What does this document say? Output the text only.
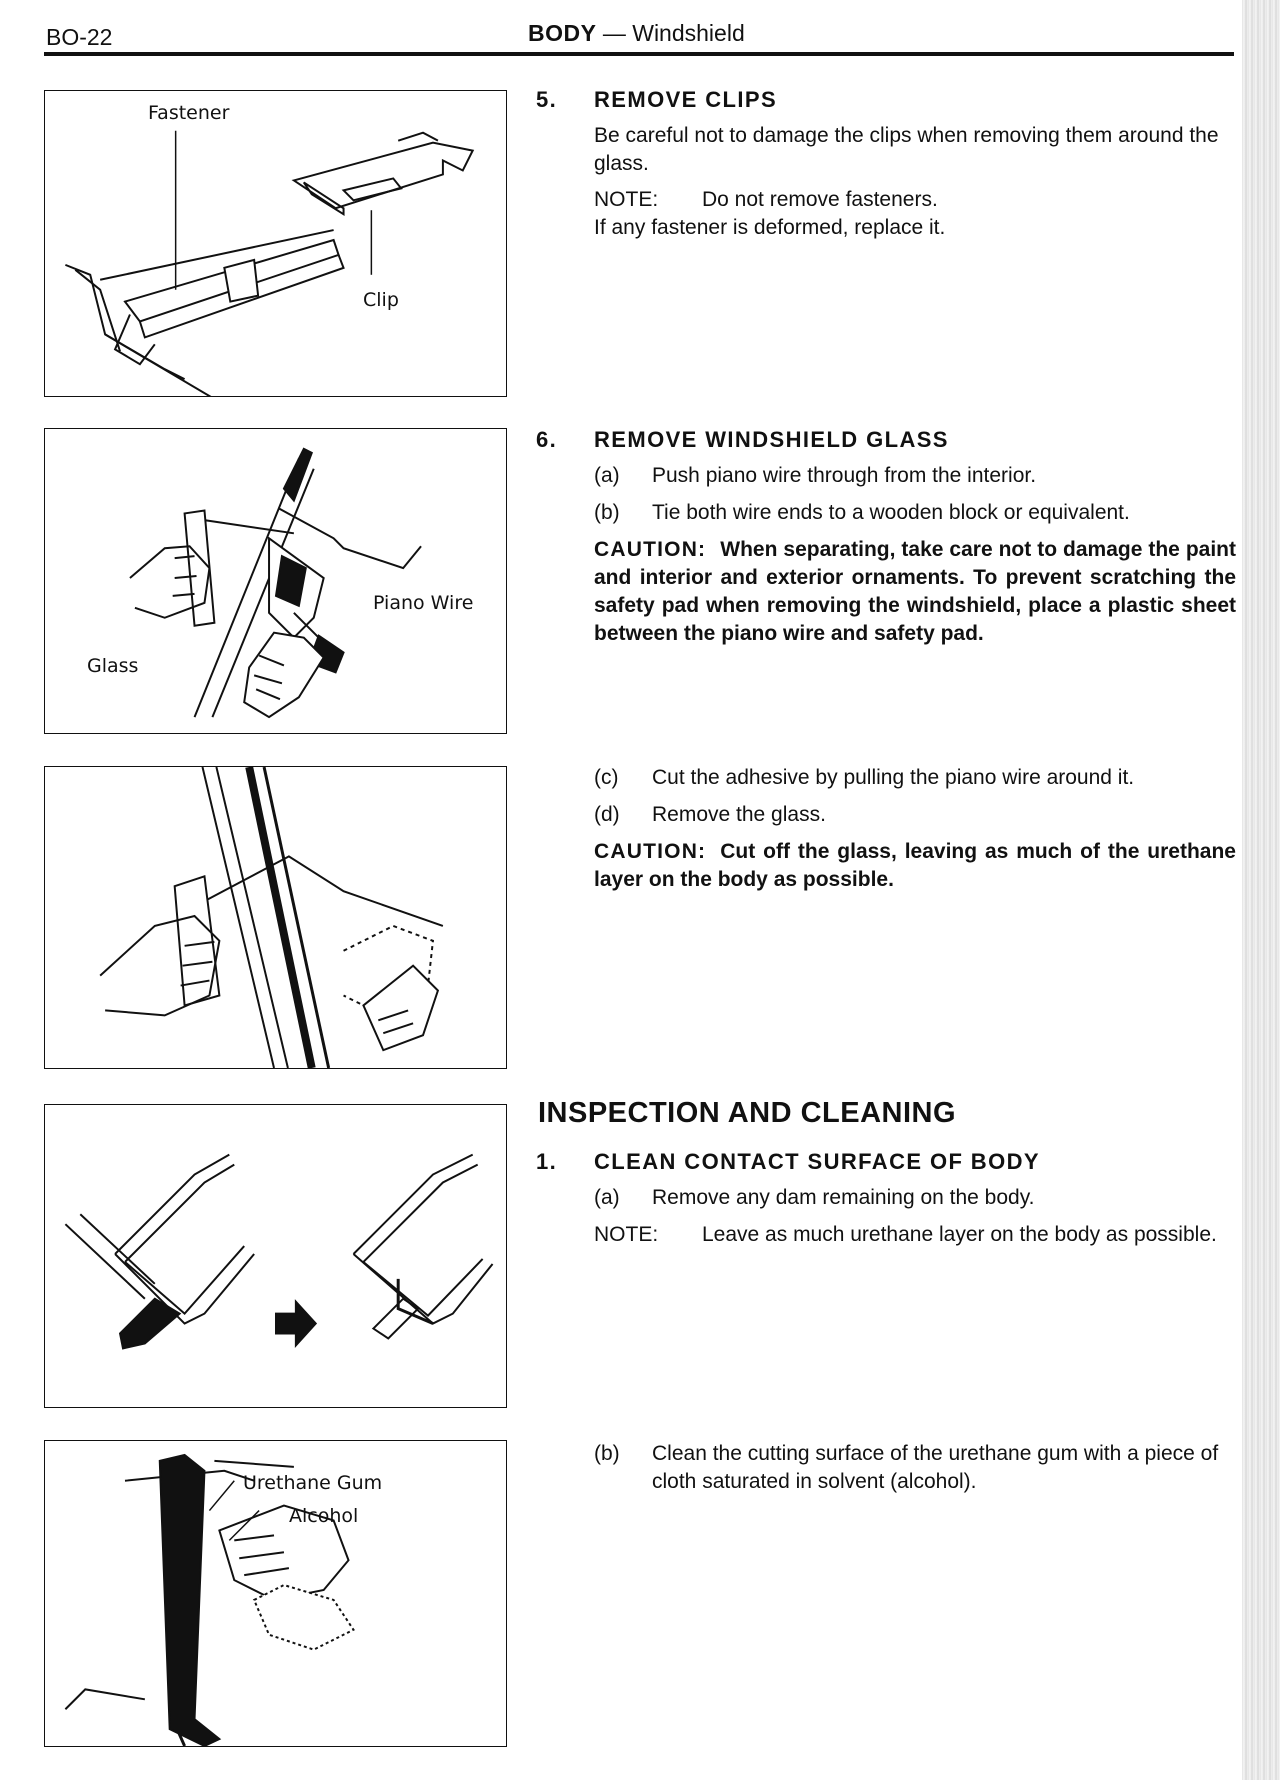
BO-22	BODY — Windshield
Fastener
Clip
Piano Wire
Glass
Urethane Gum
Alcohol
5. REMOVE CLIPS

Be careful not to damage the clips when removing them around the glass.

NOTE: Do not remove fasteners.
If any fastener is deformed, replace it.
6. REMOVE WINDSHIELD GLASS
(a) Push piano wire through from the interior.
(b) Tie both wire ends to a wooden block or equivalent.
CAUTION: When separating, take care not to damage the paint and interior and exterior ornaments. To prevent scratching the safety pad when removing the windshield, place a plastic sheet between the piano wire and safety pad.
(c) Cut the adhesive by pulling the piano wire around it.
(d) Remove the glass.
CAUTION: Cut off the glass, leaving as much of the urethane layer on the body as possible.
INSPECTION AND CLEANING
1. CLEAN CONTACT SURFACE OF BODY
(a) Remove any dam remaining on the body.
NOTE: Leave as much urethane layer on the body as possible.
(b) Clean the cutting surface of the urethane gum with a piece of cloth saturated in solvent (alcohol).
